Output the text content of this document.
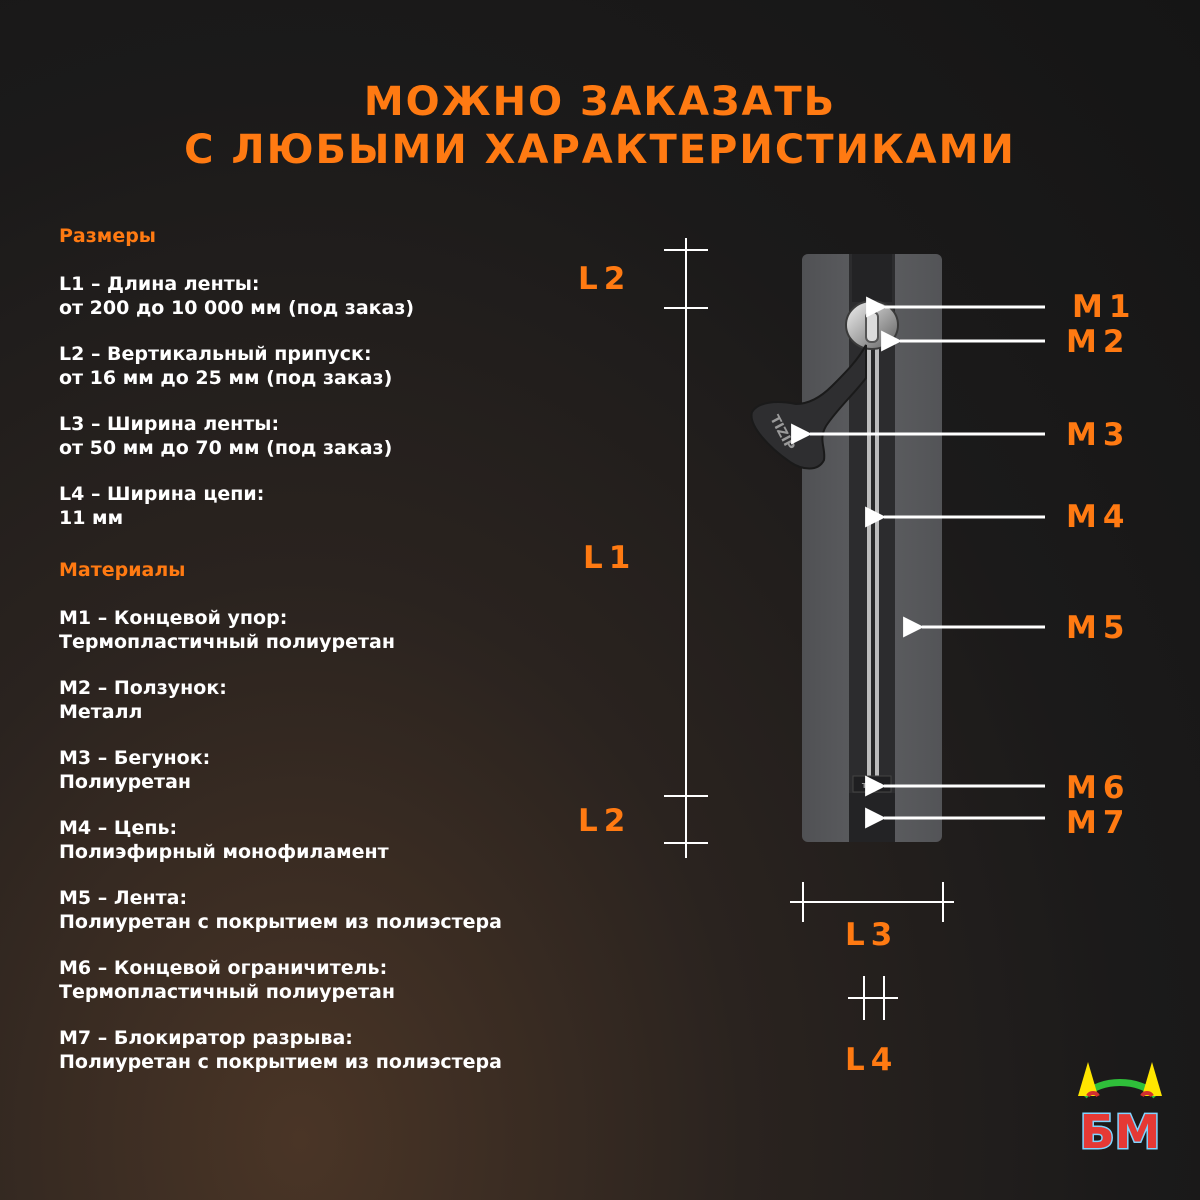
МОЖНО ЗАКАЗАТЬ
С ЛЮБЫМИ ХАРАКТЕРИСТИКАМИ
Размеры
L1 – Длина ленты:
от 200 до 10 000 мм (под заказ)
L2 – Вертикальный припуск:
от 16 мм до 25 мм (под заказ)
L3 – Ширина ленты:
от 50 мм до 70 мм (под заказ)
L4 – Ширина цепи:
11 мм
Материалы
M1 – Концевой упор:
Термопластичный полиуретан
M2 – Ползунок:
Металл
M3 – Бегунок:
Полиуретан
M4 – Цепь:
Полиэфирный монофиламент
M5 – Лента:
Полиуретан с покрытием из полиэстера
M6 – Концевой ограничитель:
Термопластичный полиуретан
M7 – Блокиратор разрыва:
Полиуретан с покрытием из полиэстера
TIZIP
TIZIP
L2
L1
L2
L3
L4
M1
M2
M3
M4
M5
M6
M7
БМ
